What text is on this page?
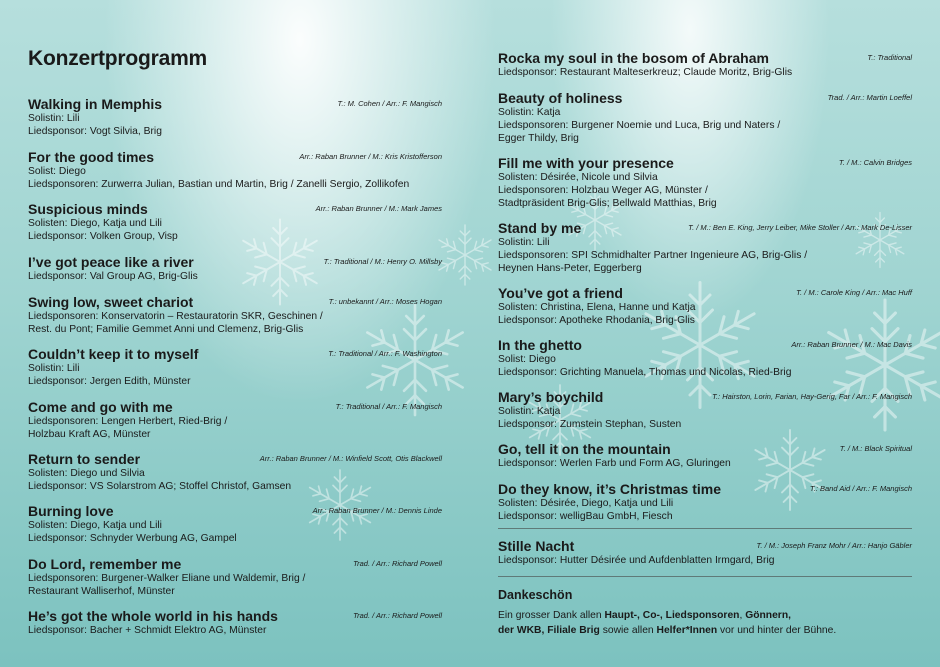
Konzertprogramm
Walking in Memphis	T.: M. Cohen / Arr.: F. Mangisch
Solistin: Lili
Liedsponsor: Vogt Silvia, Brig
For the good times	Arr.: Raban Brunner / M.: Kris Kristofferson
Solist: Diego
Liedsponsoren: Zurwerra Julian, Bastian und Martin, Brig / Zanelli Sergio, Zollikofen
Suspicious minds	Arr.: Raban Brunner / M.: Mark James
Solisten: Diego, Katja und Lili
Liedsponsor: Volken Group, Visp
I’ve got peace like a river	T.: Traditional / M.: Henry O. Millsby
Liedsponsor: Val Group AG, Brig-Glis
Swing low, sweet chariot	T.: unbekannt / Arr.: Moses Hogan
Liedsponsoren: Konservatorin – Restauratorin SKR, Geschinen /
Rest. du Pont; Familie Gemmet Anni und Clemenz, Brig-Glis
Couldn’t keep it to myself	T.: Traditional / Arr.: F. Washington
Solistin: Lili
Liedsponsor: Jergen Edith, Münster
Come and go with me	T.: Traditional / Arr.: F. Mangisch
Liedsponsoren: Lengen Herbert, Ried-Brig /
Holzbau Kraft AG, Münster
Return to sender	Arr.: Raban Brunner / M.: Winfield Scott, Otis Blackwell
Solisten: Diego und Silvia
Liedsponsor: VS Solarstrom AG; Stoffel Christof, Gamsen
Burning love	Arr.: Raban Brunner / M.: Dennis Linde
Solisten: Diego, Katja und Lili
Liedsponsor: Schnyder Werbung AG, Gampel
Do Lord, remember me	Trad. / Arr.: Richard Powell
Liedsponsoren: Burgener-Walker Eliane und Waldemir, Brig /
Restaurant Walliserhof, Münster
He’s got the whole world in his hands	Trad. / Arr.: Richard Powell
Liedsponsor: Bacher + Schmidt Elektro AG, Münster
Rocka my soul in the bosom of Abraham	T.: Traditional
Liedsponsor: Restaurant Malteserkreuz; Claude Moritz, Brig-Glis
Beauty of holiness	Trad. / Arr.: Martin Loeffel
Solistin: Katja
Liedsponsoren: Burgener Noemie und Luca, Brig und Naters /
Egger Thildy, Brig
Fill me with your presence	T. / M.: Calvin Bridges
Solisten: Désirée, Nicole und Silvia
Liedsponsoren: Holzbau Weger AG, Münster /
Stadtpräsident Brig-Glis; Bellwald Matthias, Brig
Stand by me	T. / M.: Ben E. King, Jerry Leiber, Mike Stoller / Arr.: Mark De-Lisser
Solistin: Lili
Liedsponsoren: SPI Schmidhalter Partner Ingenieure AG, Brig-Glis /
Heynen Hans-Peter, Eggerberg
You’ve got a friend	T. / M.: Carole King / Arr.: Mac Huff
Solisten: Christina, Elena, Hanne und Katja
Liedsponsor: Apotheke Rhodania, Brig-Glis
In the ghetto	Arr.: Raban Brunner / M.: Mac Davis
Solist: Diego
Liedsponsor: Grichting Manuela, Thomas und Nicolas, Ried-Brig
Mary’s boychild	T.: Hairston, Lorin, Farian, Hay-Gerig, Far / Arr.: F. Mangisch
Solistin: Katja
Liedsponsor: Zumstein Stephan, Susten
Go, tell it on the mountain	T. / M.: Black Spiritual
Liedsponsor: Werlen Farb und Form AG, Gluringen
Do they know, it’s Christmas time	T.: Band Aid / Arr.: F. Mangisch
Solisten: Désirée, Diego, Katja und Lili
Liedsponsor: welligBau GmbH, Fiesch
Stille Nacht	T. / M.: Joseph Franz Mohr / Arr.: Hanjo Gäbler
Liedsponsor: Hutter Désirée und Aufdenblatten Irmgard, Brig
Dankeschön
Ein grosser Dank allen Haupt-, Co-, Liedsponsoren, Gönnern,
der WKB, Filiale Brig sowie allen Helfer*Innen vor und hinter der Bühne.
